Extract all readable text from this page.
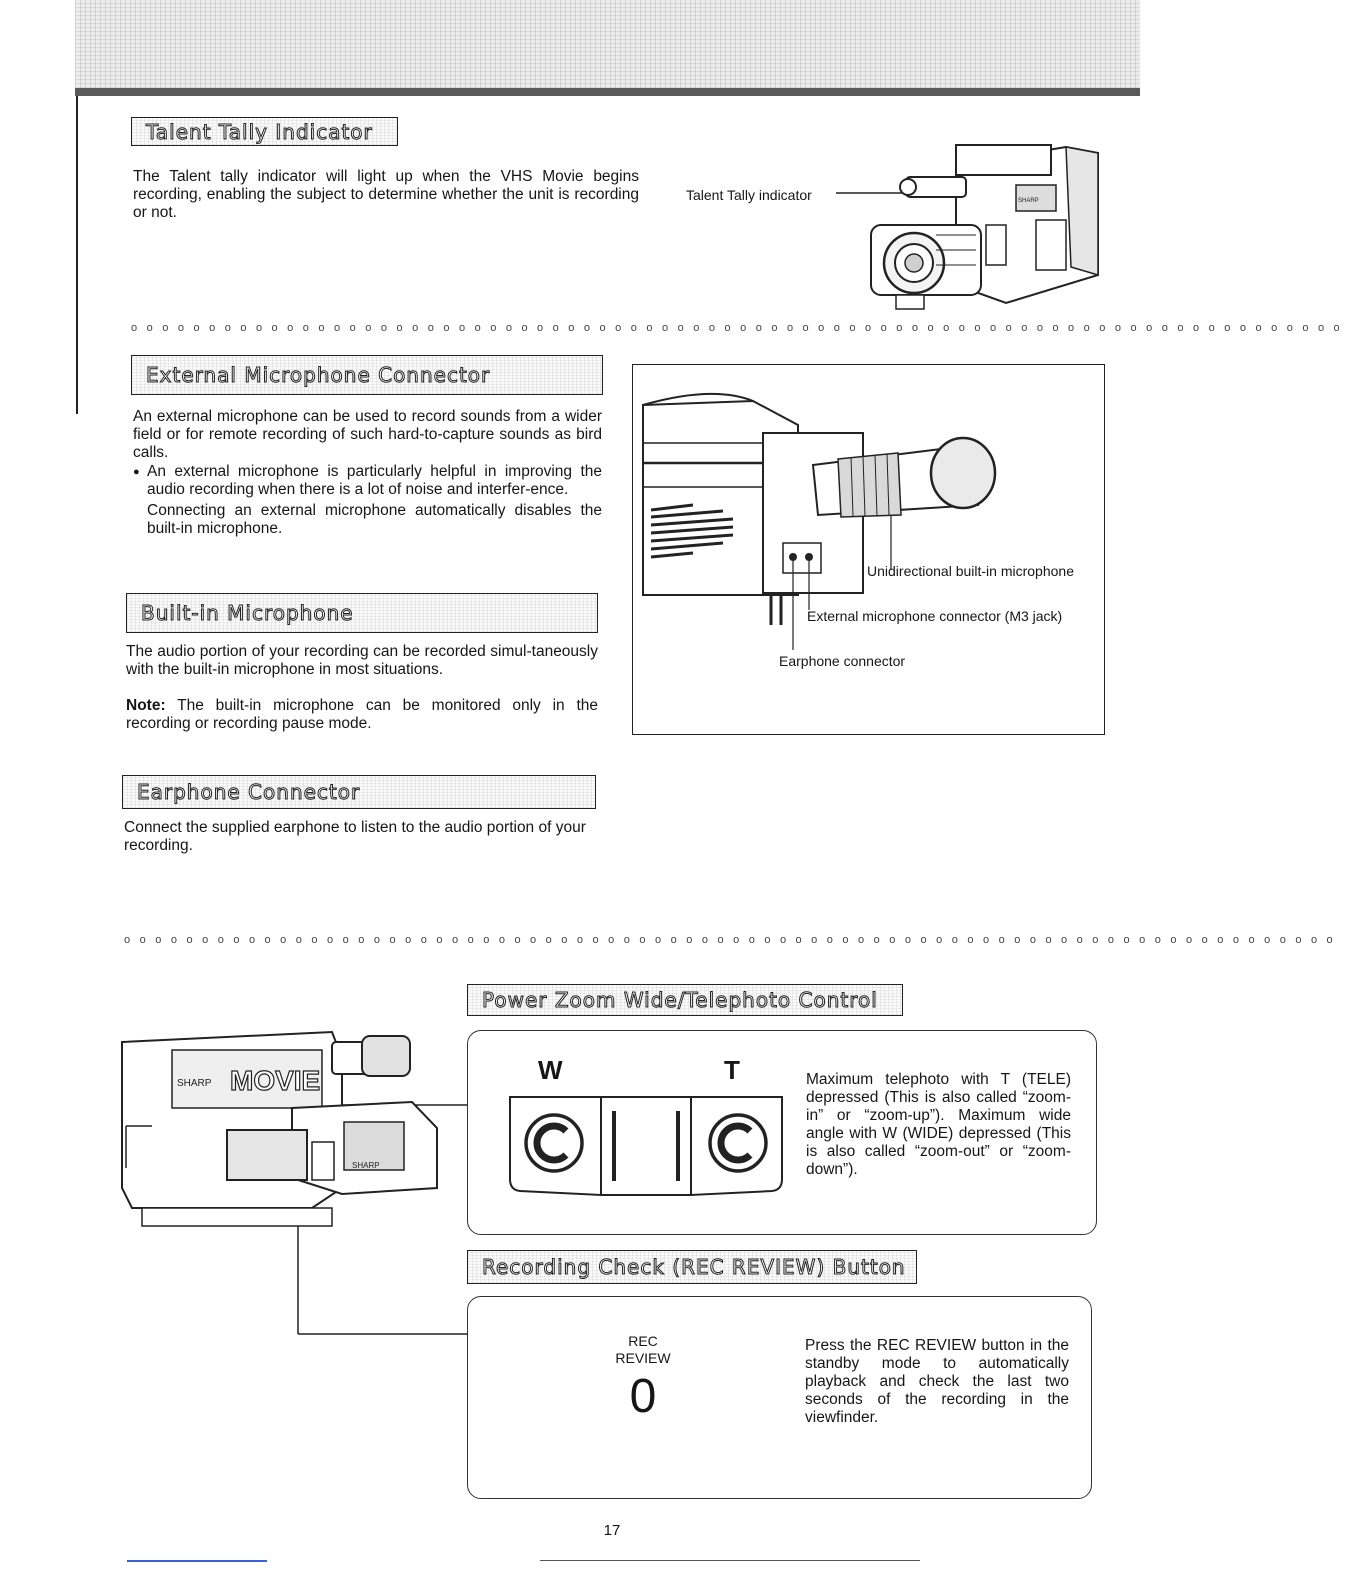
Talent Tally Indicator
The Talent tally indicator will light up when the VHS Movie begins recording, enabling the subject to determine whether the unit is recording or not.
Talent Tally indicator	SHARP
oooooooooooooooooooooooooooooooooooooooooooooooooooooooooooooooooooooooooooooo
External Microphone Connector
An external microphone can be used to record sounds from a wider field or for remote recording of such hard-to-capture sounds as bird calls.
● An external microphone is particularly helpful in improving the audio recording when there is a lot of noise and interfer-ence.
Connecting an external microphone automatically disables the built-in microphone.
Unidirectional built-in microphone
External microphone connector (M3 jack)
Earphone connector
Built-in Microphone
The audio portion of your recording can be recorded simul-taneously with the built-in microphone in most situations.
Note: The built-in microphone can be monitored only in the recording or recording pause mode.
Earphone Connector
Connect the supplied earphone to listen to the audio portion of your recording.
oooooooooooooooooooooooooooooooooooooooooooooooooooooooooooooooooooooooooooooo
Power Zoom Wide/Telephoto Control
W	T	Maximum telephoto with T (TELE) depressed (This is also called “zoom-in” or “zoom-up”). Maximum wide angle with W (WIDE) depressed (This is also called “zoom-out” or “zoom-down”).
Recording Check (REC REVIEW) Button
REC
REVIEW
0
Press the REC REVIEW button in the standby mode to automatically playback and check the last two seconds of the recording in the viewfinder.
SHARP MOVIE
SHARP
17
